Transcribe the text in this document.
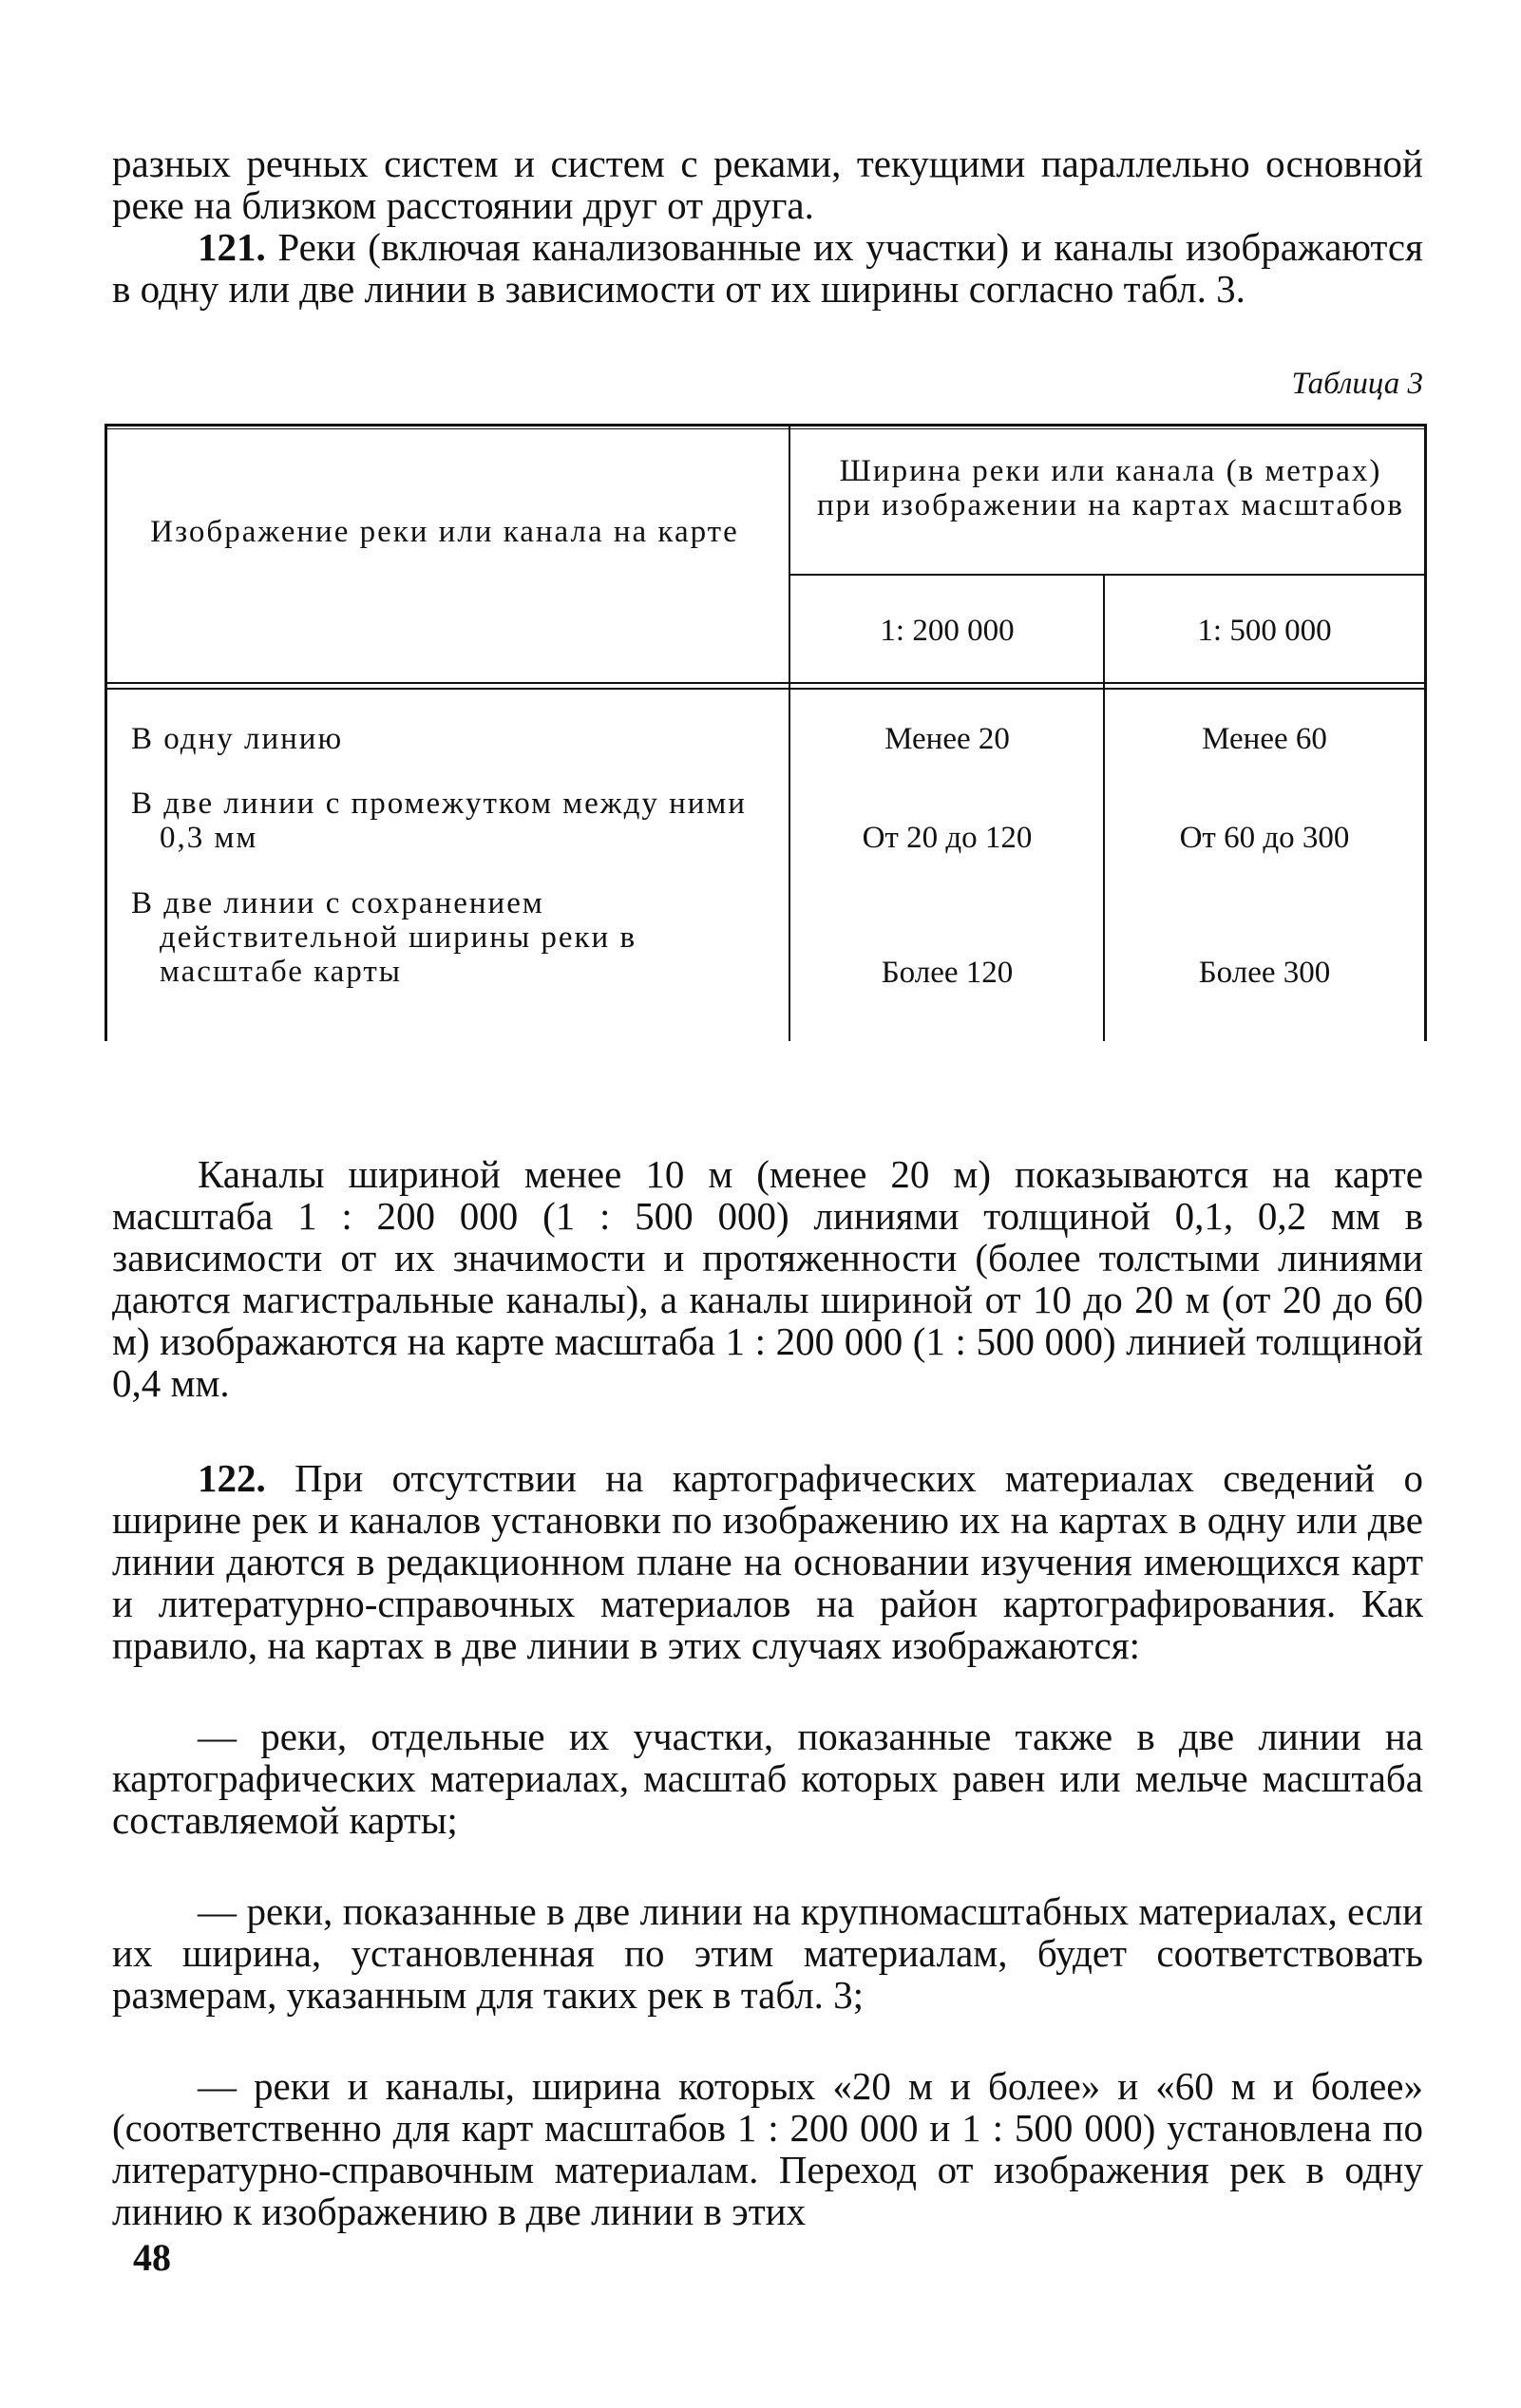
разных речных систем и систем с реками, текущими параллельно основной реке на близком расстоянии друг от друга.

121. Реки (включая канализованные их участки) и каналы изображаются в одну или две линии в зависимости от их ширины согласно табл. 3.

Таблица 3
Изображение реки или канала на карте
Ширина реки или канала (в метрах) при изображении на картах масштабов
1: 200 000	1: 500 000
В одну линию	Менее 20	Менее 60
В две линии с промежутком между ними 0,3 мм	От 20 до 120	От 60 до 300
В две линии с сохранением действительной ширины реки в масштабе карты	Более 120	Более 300

Каналы шириной менее 10 м (менее 20 м) показываются на карте масштаба 1 : 200 000 (1 : 500 000) линиями толщиной 0,1, 0,2 мм в зависимости от их значимости и протяженности (более толстыми линиями даются магистральные каналы), а каналы шириной от 10 до 20 м (от 20 до 60 м) изображаются на карте масштаба 1 : 200 000 (1 : 500 000) линией толщиной 0,4 мм.

122. При отсутствии на картографических материалах сведений о ширине рек и каналов установки по изображению их на картах в одну или две линии даются в редакционном плане на основании изучения имеющихся карт и литературно-справочных материалов на район картографирования. Как правило, на картах в две линии в этих случаях изображаются:

— реки, отдельные их участки, показанные также в две линии на картографических материалах, масштаб которых равен или мельче масштаба составляемой карты;

— реки, показанные в две линии на крупномасштабных материалах, если их ширина, установленная по этим материалам, будет соответствовать размерам, указанным для таких рек в табл. 3;

— реки и каналы, ширина которых «20 м и более» и «60 м и более» (соответственно для карт масштабов 1 : 200 000 и 1 : 500 000) установлена по литературно-справочным материалам. Переход от изображения рек в одну линию к изображению в две линии в этих

48
